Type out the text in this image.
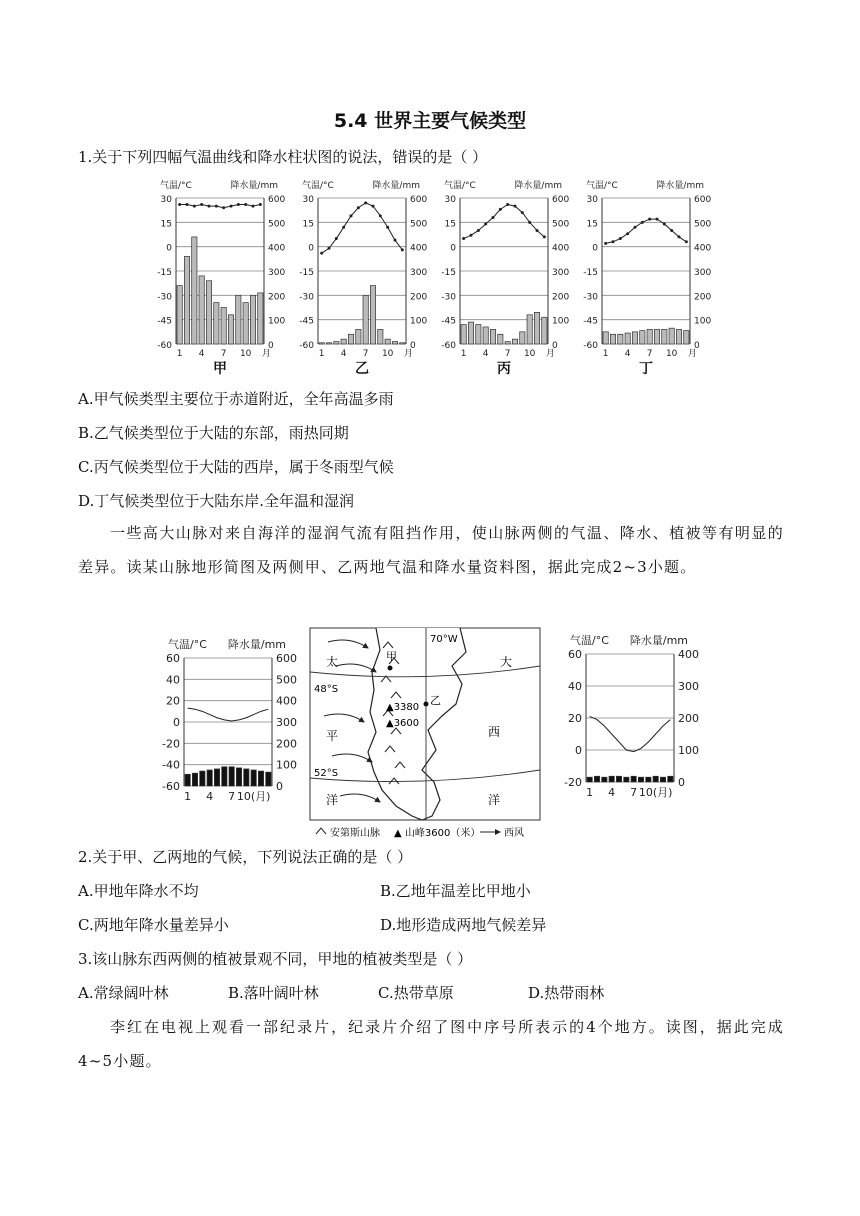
5.4 世界主要气候类型
1.关于下列四幅气温曲线和降水柱状图的说法，错误的是（ ）
气温/°C	降水量/mm
30
15
0
-15
-30
-45
-60
600
500
400
300
200
100
0
1 4 7 10 月
甲
气温/°C	降水量/mm
30
15
0
-15
-30
-45
-60
600
500
400
300
200
100
0
1 4 7 10 月
乙
气温/°C	降水量/mm
30
15
0
-15
-30
-45
-60
600
500
400
300
200
100
0
1 4 7 10 月
丙
气温/°C	降水量/mm
30
15
0
-15
-30
-45
-60
600
500
400
300
200
100
0
1 4 7 10 月
丁
A.甲气候类型主要位于赤道附近，全年高温多雨
B.乙气候类型位于大陆的东部，雨热同期
C.丙气候类型位于大陆的西岸，属于冬雨型气候
D.丁气候类型位于大陆东岸.全年温和湿润
一些高大山脉对来自海洋的湿润气流有阻挡作用，使山脉两侧的气温、降水、植被等有明显的差异。读某山脉地形简图及两侧甲、乙两地气温和降水量资料图，据此完成2~3小题。
气温/°C 降水量/mm
60
40
20
0
-20
-40
-60
600
500
400
300
200
100
0
1 4 7 10(月)
气温/°C 降水量/mm
60
40
20
0
-20
400
300
200
100
0
1 4 7 10(月)
甲
乙
▲3380
▲3600
70°W
48°S
52°S
太
平
洋
大
西
洋
安第斯山脉 ▲ 山峰3600（米） 西风
2.关于甲、乙两地的气候，下列说法正确的是（ ）
A.甲地年降水不均	B.乙地年温差比甲地小
C.两地年降水量差异小	D.地形造成两地气候差异
3.该山脉东西两侧的植被景观不同，甲地的植被类型是（ ）
A.常绿阔叶林	B.落叶阔叶林	C.热带草原	D.热带雨林
李红在电视上观看一部纪录片，纪录片介绍了图中序号所表示的4个地方。读图，据此完成4~5小题。
